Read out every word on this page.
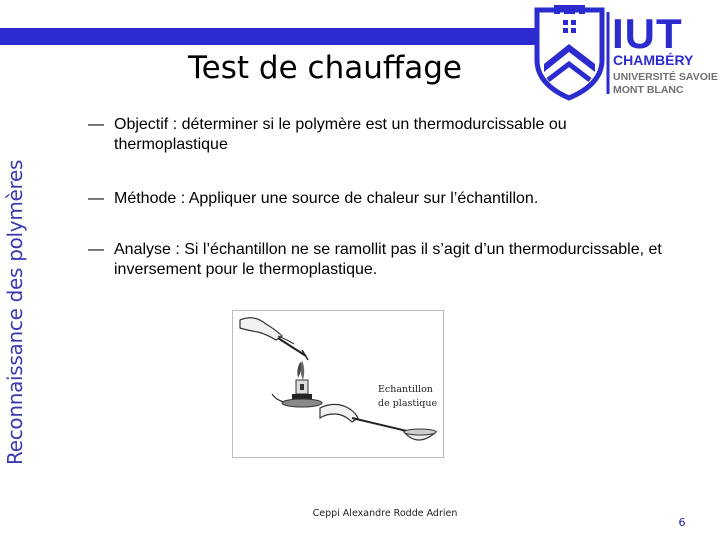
Reconnaissance des polymères
Test de chauffage
IUT
CHAMBÉRY
UNIVERSITÉ SAVOIE
MONT BLANC
— Objectif : déterminer si le polymère est un thermodurcissable ou thermoplastique
— Méthode : Appliquer une source de chaleur sur l’échantillon.
— Analyse : Si l’échantillon ne se ramollit pas il s’agit d’un thermodurcissable, et inversement pour le thermoplastique.
Echantillon
de plastique
Ceppi Alexandre Rodde Adrien
6
